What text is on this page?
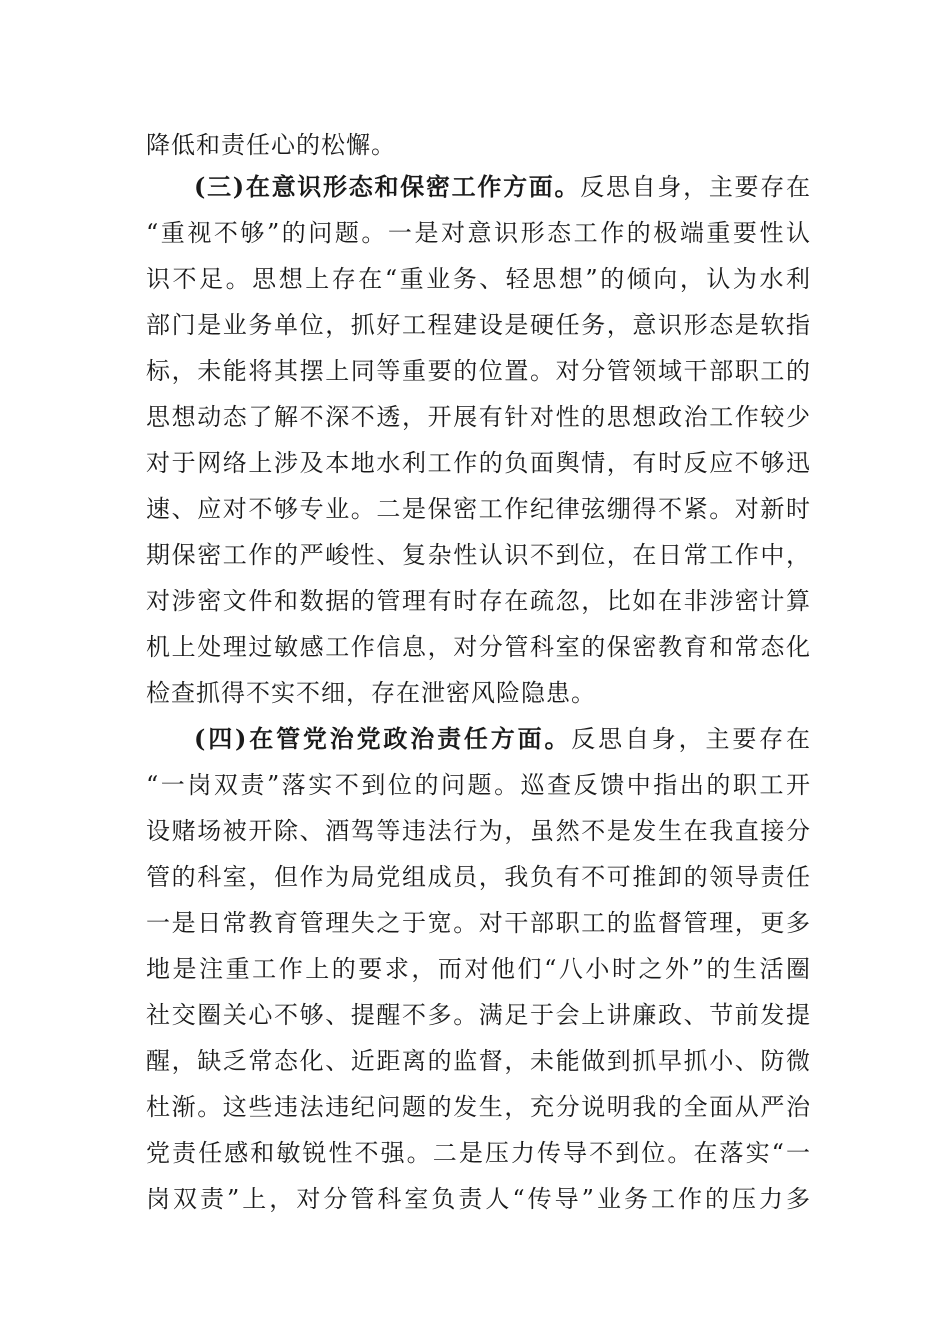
降低和责任心的松懈。
(三)在意识形态和保密工作方面。反思自身，主要存在
“重视不够”的问题。一是对意识形态工作的极端重要性认
识不足。思想上存在“重业务、轻思想”的倾向，认为水利
部门是业务单位，抓好工程建设是硬任务，意识形态是软指
标，未能将其摆上同等重要的位置。对分管领域干部职工的
思想动态了解不深不透，开展有针对性的思想政治工作较少
对于网络上涉及本地水利工作的负面舆情，有时反应不够迅
速、应对不够专业。二是保密工作纪律弦绷得不紧。对新时
期保密工作的严峻性、复杂性认识不到位，在日常工作中，
对涉密文件和数据的管理有时存在疏忽，比如在非涉密计算
机上处理过敏感工作信息，对分管科室的保密教育和常态化
检查抓得不实不细，存在泄密风险隐患。
(四)在管党治党政治责任方面。反思自身，主要存在
“一岗双责”落实不到位的问题。巡查反馈中指出的职工开
设赌场被开除、酒驾等违法行为，虽然不是发生在我直接分
管的科室，但作为局党组成员，我负有不可推卸的领导责任
一是日常教育管理失之于宽。对干部职工的监督管理，更多
地是注重工作上的要求，而对他们“八小时之外”的生活圈
社交圈关心不够、提醒不多。满足于会上讲廉政、节前发提
醒，缺乏常态化、近距离的监督，未能做到抓早抓小、防微
杜渐。这些违法违纪问题的发生，充分说明我的全面从严治
党责任感和敏锐性不强。二是压力传导不到位。在落实“一
岗双责”上，对分管科室负责人“传导”业务工作的压力多
